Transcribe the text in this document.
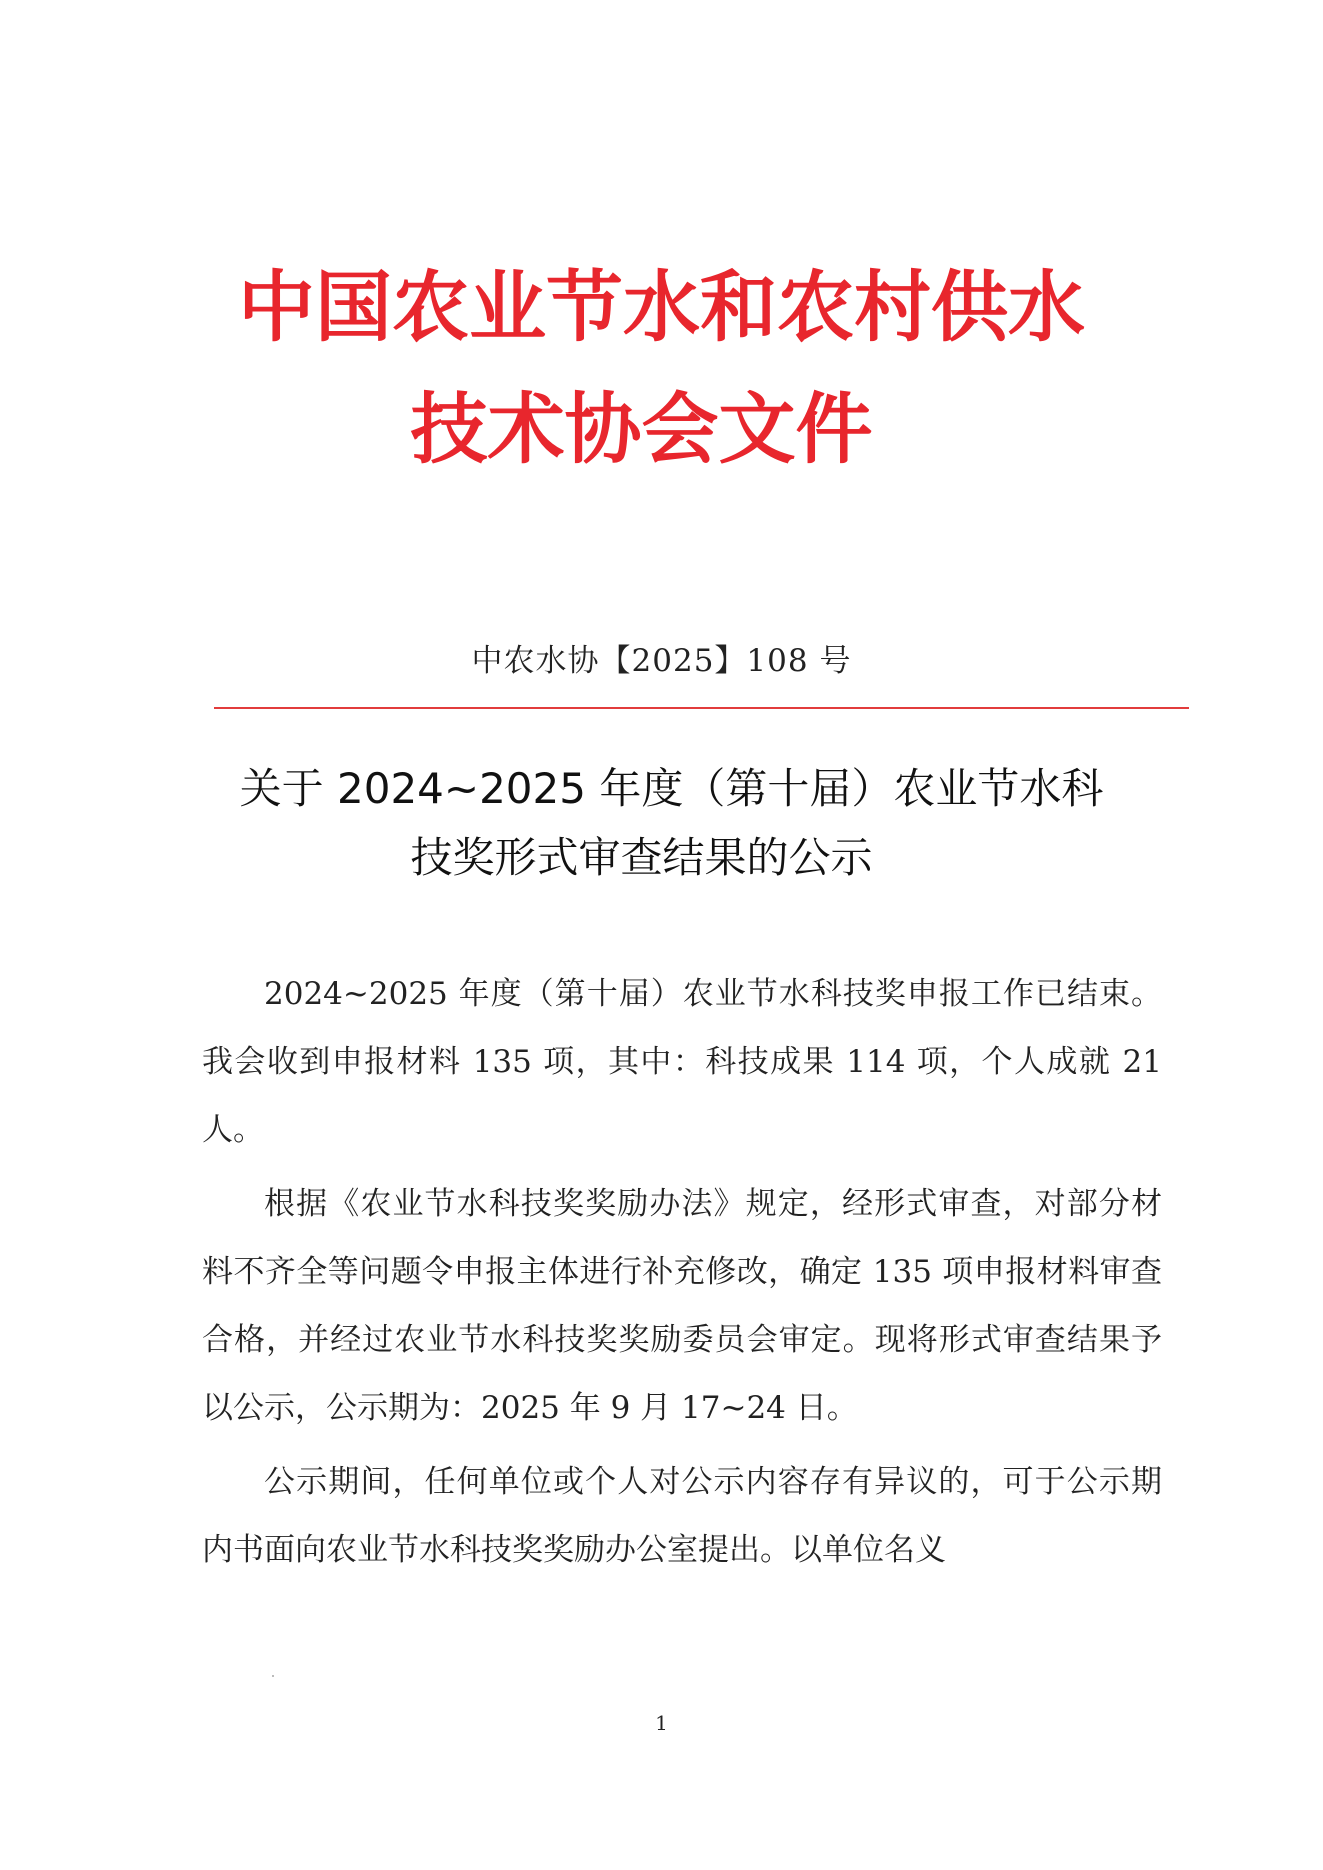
中国农业节水和农村供水
技术协会文件
中农水协【2025】108 号
关于 2024~2025 年度（第十届）农业节水科
技奖形式审查结果的公示

2024~2025 年度（第十届）农业节水科技奖申报工作已结束。我会收到申报材料 135 项，其中：科技成果 114 项，个人成就 21 人。

根据《农业节水科技奖奖励办法》规定，经形式审查，对部分材料不齐全等问题令申报主体进行补充修改，确定 135 项申报材料审查合格，并经过农业节水科技奖奖励委员会审定。现将形式审查结果予以公示，公示期为：2025 年 9 月 17~24 日。

公示期间，任何单位或个人对公示内容存有异议的，可于公示期内书面向农业节水科技奖奖励办公室提出。以单位名义

1
